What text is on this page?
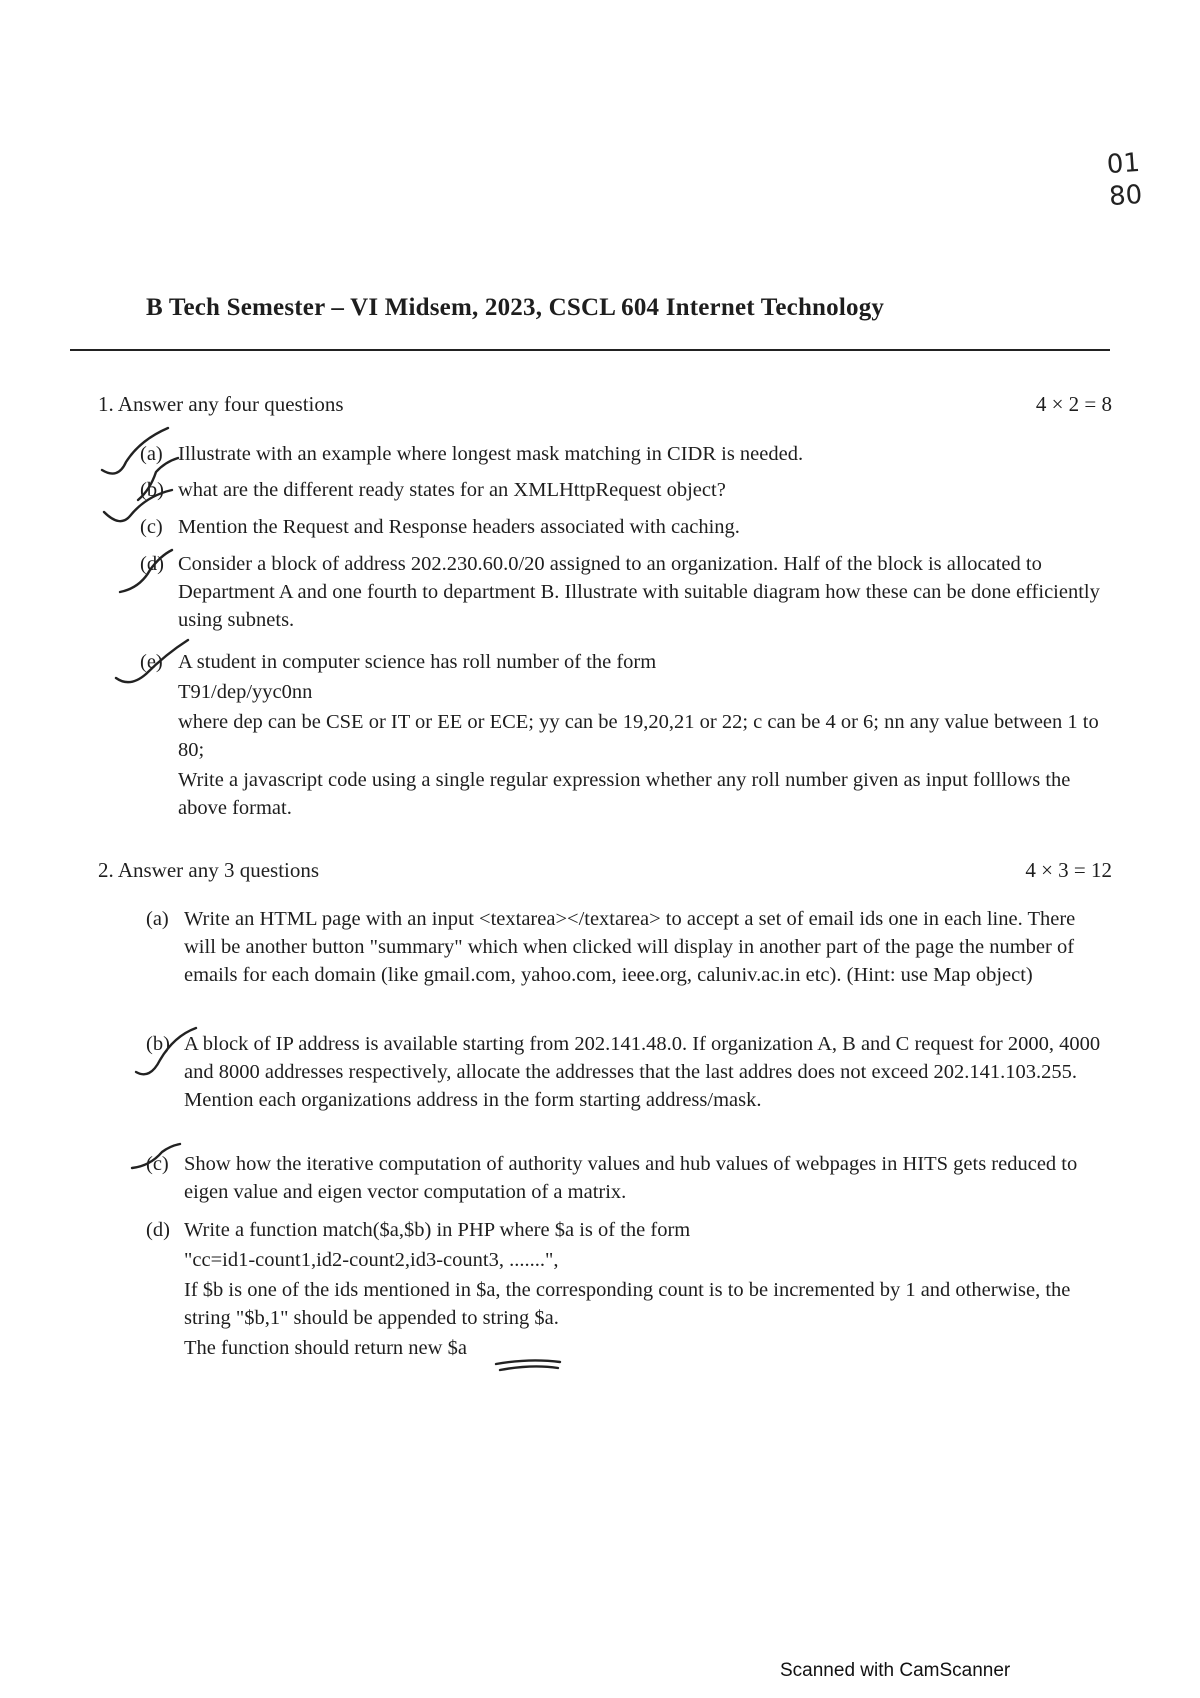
01
80
B Tech Semester – VI Midsem, 2023, CSCL 604 Internet Technology
1. Answer any four questions	4 × 2 = 8
(a) Illustrate with an example where longest mask matching in CIDR is needed.
(b) what are the different ready states for an XMLHttpRequest object?
(c) Mention the Request and Response headers associated with caching.
(d) Consider a block of address 202.230.60.0/20 assigned to an organization. Half of the block is allocated to Department A and one fourth to department B. Illustrate with suitable diagram how these can be done efficiently using subnets.
(e) A student in computer science has roll number of the form
T91/dep/yyc0nn
where dep can be CSE or IT or EE or ECE; yy can be 19,20,21 or 22; c can be 4 or 6; nn any value between 1 to 80;
Write a javascript code using a single regular expression whether any roll number given as input folllows the above format.
2. Answer any 3 questions	4 × 3 = 12
(a) Write an HTML page with an input <textarea></textarea> to accept a set of email ids one in each line. There will be another button "summary" which when clicked will display in another part of the page the number of emails for each domain (like gmail.com, yahoo.com, ieee.org, caluniv.ac.in etc). (Hint: use Map object)
(b) A block of IP address is available starting from 202.141.48.0. If organization A, B and C request for 2000, 4000 and 8000 addresses respectively, allocate the addresses that the last addres does not exceed 202.141.103.255. Mention each organizations address in the form starting address/mask.
(c) Show how the iterative computation of authority values and hub values of webpages in HITS gets reduced to eigen value and eigen vector computation of a matrix.
(d) Write a function match($a,$b) in PHP where $a is of the form
"cc=id1-count1,id2-count2,id3-count3, .......",
If $b is one of the ids mentioned in $a, the corresponding count is to be incremented by 1 and otherwise, the string "$b,1" should be appended to string $a.
The function should return new $a
Scanned with CamScanner
